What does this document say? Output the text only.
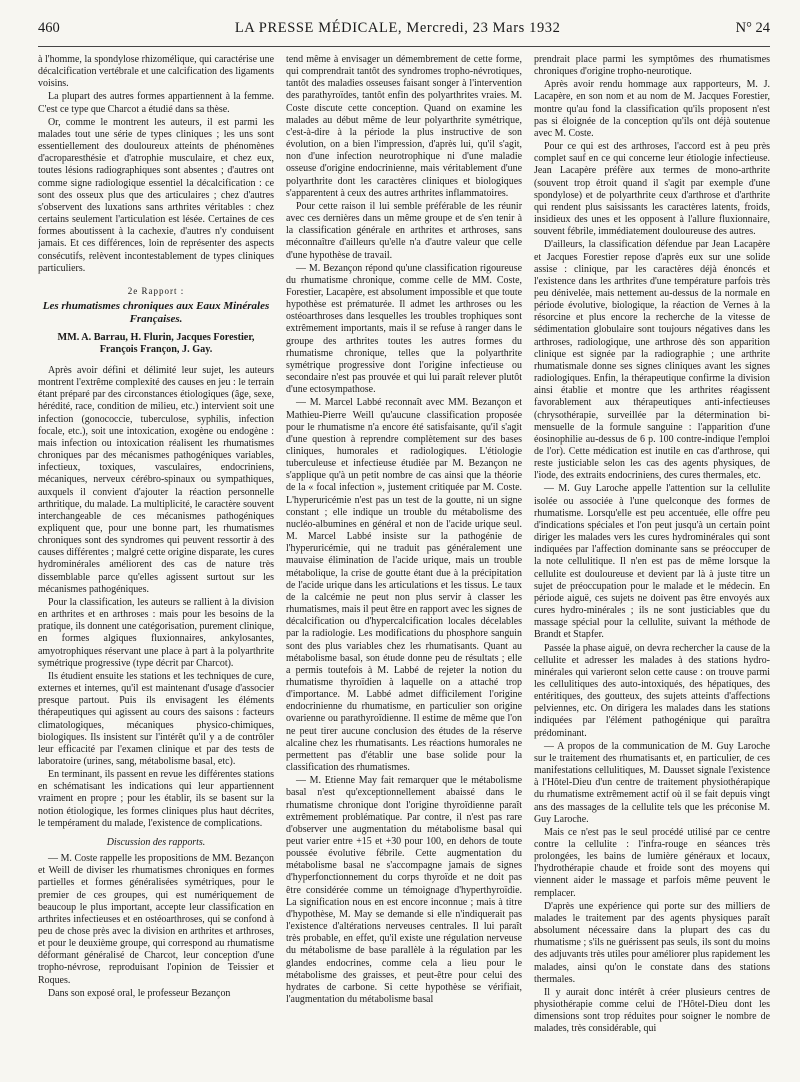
460	LA PRESSE MÉDICALE, Mercredi, 23 Mars 1932	N° 24

à l'homme, la spondylose rhizomélique, qui caractérise une décalcification vertébrale et une calcification des ligaments voisins.

La plupart des autres formes appartiennent à la femme. C'est ce type que Charcot a étudié dans sa thèse.

Or, comme le montrent les auteurs, il est parmi les malades tout une série de types cliniques ; les uns sont essentiellement des douloureux atteints de phénomènes d'acroparesthésie et d'atrophie musculaire, et chez eux, toutes lésions radiographiques sont absentes ; d'autres ont comme signe radiologique essentiel la décalcification : ce sont des osseux plus que des articulaires ; chez d'autres s'observent des luxations sans arthrites véritables : chez certains seulement l'articulation est lésée. Certaines de ces formes aboutissent à la cachexie, d'autres n'y conduisent jamais. Et ces différences, loin de représenter des aspects consécutifs, relèvent incontestablement de types cliniques particuliers.

2e Rapport :
Les rhumatismes chroniques aux Eaux Minérales Françaises.
MM. A. Barrau, H. Flurin, Jacques Forestier, François Françon, J. Gay.

Après avoir défini et délimité leur sujet, les auteurs montrent l'extrême complexité des causes en jeu : le terrain étant préparé par des circonstances étiologiques (âge, sexe, hérédité, race, condition de milieu, etc.) intervient soit une infection (gonococcie, tuberculose, syphilis, infection focale, etc.), soit une intoxication, exogène ou endogène : mais infection ou intoxication réalisent les rhumatismes chroniques par des mécanismes pathogéniques variables, infectieux, toxiques, vasculaires, endocriniens, mécaniques, nerveux cérébro-spinaux ou sympathiques, auxquels il convient d'ajouter la réaction personnelle arthritique, du malade. La multiplicité, le caractère souvent interchangeable de ces mécanismes pathogéniques expliquent que, pour une bonne part, les rhumatismes chroniques sont des syndromes qui peuvent ressortir à des causes différentes ; malgré cette origine disparate, les cures hydrominérales améliorent des cas de nature très dissemblable parce qu'elles agissent surtout sur les mécanismes pathogéniques.

Pour la classification, les auteurs se rallient à la division en arthrites et en arthroses : mais pour les besoins de la pratique, ils donnent une catégorisation, purement clinique, en formes algiques fluxionnaires, ankylosantes, amyotrophiques réservant une place à part à la polyarthrite symétrique progressive (type décrit par Charcot).

Ils étudient ensuite les stations et les techniques de cure, externes et internes, qu'il est maintenant d'usage d'associer presque partout. Puis ils envisagent les éléments thérapeutiques qui agissent au cours des saisons : facteurs climatologiques, mécaniques physico-chimiques, biologiques. Ils insistent sur l'intérêt qu'il y a de contrôler leur efficacité par l'examen clinique et par des tests de laboratoire (urines, sang, métabolisme basal, etc).

En terminant, ils passent en revue les différentes stations en schématisant les indications qui leur appartiennent vraiment en propre ; pour les établir, ils se basent sur la notion étiologique, les formes cliniques plus haut décrites, le tempérament du malade, l'existence de complications.

Discussion des rapports.

— M. Coste rappelle les propositions de MM. Bezançon et Weill de diviser les rhumatismes chroniques en formes partielles et formes généralisées symétriques, pour le premier de ces groupes, qui est numériquement de beaucoup le plus important, accepte leur classification en arthrites infectieuses et en ostéoarthroses, qui se confond à peu de chose près avec la division en arthrites et arthroses, et pour le deuxième groupe, qui correspond au rhumatisme déformant généralisé de Charcot, leur conception d'une tropho-névrose, reproduisant l'opinion de Teissier et Roques.

Dans son exposé oral, le professeur Bezançon

tend même à envisager un démembrement de cette forme, qui comprendrait tantôt des syndromes tropho-névrotiques, tantôt des maladies osseuses faisant songer à l'intervention des parathyroïdes, tantôt enfin des polyarthrites vraies. M. Coste discute cette conception. Quand on examine les malades au début même de leur polyarthrite symétrique, c'est-à-dire à la période la plus instructive de son évolution, on a bien l'impression, d'après lui, qu'il s'agit, non d'une infection neurotrophique ni d'une maladie osseuse d'origine endocrinienne, mais véritablement d'une polyarthrite dont les caractères cliniques et biologiques s'apparentent à ceux des autres arthrites inflammatoires.

Pour cette raison il lui semble préférable de les réunir avec ces dernières dans un même groupe et de s'en tenir à la classification générale en arthrites et arthroses, sans méconnaître d'ailleurs qu'elle n'a d'autre valeur que celle d'une hypothèse de travail.

— M. Bezançon répond qu'une classification rigoureuse du rhumatisme chronique, comme celle de MM. Coste, Forestier, Lacapère, est absolument impossible et que toute hypothèse est prématurée. Il admet les arthroses ou les ostéoarthroses dans lesquelles les troubles trophiques sont extrêmement importants, mais il se refuse à ranger dans le groupe des arthrites toutes les autres formes du rhumatisme chronique, telles que la polyarthrite symétrique progressive dont l'origine infectieuse ou secondaire n'est pas prouvée et qui lui paraît relever plutôt d'une ectosympathose.

— M. Marcel Labbé reconnaît avec MM. Bezançon et Mathieu-Pierre Weill qu'aucune classification proposée pour le rhumatisme n'a encore été satisfaisante, qu'il s'agit d'une question à reprendre complètement sur des bases cliniques, humorales et radiologiques. L'étiologie tuberculeuse et infectieuse étudiée par M. Bezançon ne s'applique qu'à un petit nombre de cas ainsi que la théorie de la « focal infection », justement critiquée par M. Coste. L'hyperuricémie n'est pas un test de la goutte, ni un signe constant ; elle indique un trouble du métabolisme des nucléo-albumines en général et non de l'acide urique seul. M. Marcel Labbé insiste sur la pathogénie de l'hyperuricémie, qui ne traduit pas généralement une mauvaise élimination de l'acide urique, mais un trouble métabolique, la crise de goutte étant due à la précipitation de l'acide urique dans les articulations et les tissus. Le taux de la calcémie ne peut non plus servir à classer les rhumatismes, mais il peut être en rapport avec les signes de décalcification ou d'hypercalcification locales décelables par la radiologie. Les modifications du phosphore sanguin sont des plus variables chez les rhumatisants. Quant au métabolisme basal, son étude donne peu de résultats ; elle a permis toutefois à M. Labbé de rejeter la notion du rhumatisme thyroïdien à laquelle on a attaché trop d'importance. M. Labbé admet difficilement l'origine endocrinienne du rhumatisme, en particulier son origine ovarienne ou parathyroïdienne. Il estime de même que l'on ne peut tirer aucune conclusion des études de la réserve alcaline chez les rhumatisants. Les réactions humorales ne permettent pas d'établir une base solide pour la classification des rhumatismes.

— M. Etienne May fait remarquer que le métabolisme basal n'est qu'exceptionnellement abaissé dans le rhumatisme chronique dont l'origine thyroïdienne paraît extrêmement problématique. Par contre, il n'est pas rare d'observer une augmentation du métabolisme basal qui peut varier entre +15 et +30 pour 100, en dehors de toute poussée évolutive fébrile. Cette augmentation du métabolisme basal ne s'accompagne jamais de signes d'hyperfonctionnement du corps thyroïde et ne doit pas être considérée comme un témoignage d'hyperthyroïdie. La signification nous en est encore inconnue ; mais à titre d'hypothèse, M. May se demande si elle n'indiquerait pas l'existence d'altérations nerveuses centrales. Il lui paraît très probable, en effet, qu'il existe une régulation nerveuse du métabolisme de base parallèle à la régulation par les glandes endocrines, comme cela a lieu pour le métabolisme des graisses, et peut-être pour celui des hydrates de carbone. Si cette hypothèse se vérifiait, l'augmentation du métabolisme basal

prendrait place parmi les symptômes des rhumatismes chroniques d'origine tropho-neurotique.

Après avoir rendu hommage aux rapporteurs, M. J. Lacapère, en son nom et au nom de M. Jacques Forestier, montre qu'au fond la classification qu'ils proposent n'est pas si éloignée de la conception qu'ils ont déjà soutenue avec M. Coste.

Pour ce qui est des arthroses, l'accord est à peu près complet sauf en ce qui concerne leur étiologie infectieuse. Jean Lacapère préfère aux termes de mono-arthrite (souvent trop étroit quand il s'agit par exemple d'une spondylose) et de polyarthrite ceux d'arthrose et d'arthrite qui rendent plus saisissants les caractères latents, froids, insidieux des unes et les opposent à l'allure fluxionnaire, souvent fébrile, immédiatement douloureuse des autres.

D'ailleurs, la classification défendue par Jean Lacapère et Jacques Forestier repose d'après eux sur une solide assise : clinique, par les caractères déjà énoncés et l'existence dans les arthrites d'une température parfois très peu dénivelée, mais nettement au-dessus de la normale en période évolutive, biologique, la réaction de Vernes à la résorcine et plus encore la recherche de la vitesse de sédimentation globulaire sont toujours négatives dans les arthroses, radiologique, une arthrose dès son apparition clinique est signée par la radiographie ; une arthrite rhumatismale donne ses signes cliniques avant les signes radiologiques. Enfin, la thérapeutique confirme la division ainsi établie et montre que les arthrites réagissent favorablement aux thérapeutiques anti-infectieuses (chrysothérapie, surveillée par la détermination bi-mensuelle de la formule sanguine : l'apparition d'une éosinophilie au-dessus de 6 p. 100 contre-indique l'emploi de l'or). Cette médication est inutile en cas d'arthrose, qui reste justiciable selon les cas des agents physiques, de l'iode, des extraits endocriniens, des cures thermales, etc.

— M. Guy Laroche appelle l'attention sur la cellulite isolée ou associée à l'une quelconque des formes de rhumatisme. Lorsqu'elle est peu accentuée, elle offre peu d'indications spéciales et l'on peut jusqu'à un certain point diriger les malades vers les cures hydrominérales qui sont indiquées par l'affection dominante sans se préoccuper de la note cellulitique. Il n'en est pas de même lorsque la cellulite est douloureuse et devient par là à juste titre un sujet de préoccupation pour le malade et le médecin. En période aiguë, ces sujets ne doivent pas être envoyés aux cures hydro-minérales ; ils ne sont justiciables que du massage spécial pour la cellulite, suivant la méthode de Brandt et Stapfer.

Passée la phase aiguë, on devra rechercher la cause de la cellulite et adresser les malades à des stations hydro-minérales qui varieront selon cette cause : on trouve parmi les cellulitiques des auto-intoxiqués, des hépatiques, des entéritiques, des goutteux, des sujets atteints d'affections pelviennes, etc. On dirigera les malades dans les stations indiquées par l'élément pathogénique qui paraîtra prédominant.

— A propos de la communication de M. Guy Laroche sur le traitement des rhumatisants et, en particulier, de ces manifestations cellulitiques, M. Dausset signale l'existence à l'Hôtel-Dieu d'un centre de traitement physiothérapique du rhumatisme extrêmement actif où il se fait depuis vingt ans des massages de la cellulite tels que les préconise M. Guy Laroche.

Mais ce n'est pas le seul procédé utilisé par ce centre contre la cellulite : l'infra-rouge en séances très prolongées, les bains de lumière généraux et locaux, l'hydrothérapie chaude et froide sont des moyens qui viennent aider le massage et parfois même peuvent le remplacer.

D'après une expérience qui porte sur des milliers de malades le traitement par des agents physiques paraît absolument nécessaire dans la plupart des cas du rhumatisme ; s'ils ne guérissent pas seuls, ils sont du moins des adjuvants très utiles pour améliorer plus rapidement les malades, ainsi qu'on le constate dans des stations thermales.

Il y aurait donc intérêt à créer plusieurs centres de physiothérapie comme celui de l'Hôtel-Dieu dont les dimensions sont trop réduites pour soigner le nombre de malades, très considérable, qui
